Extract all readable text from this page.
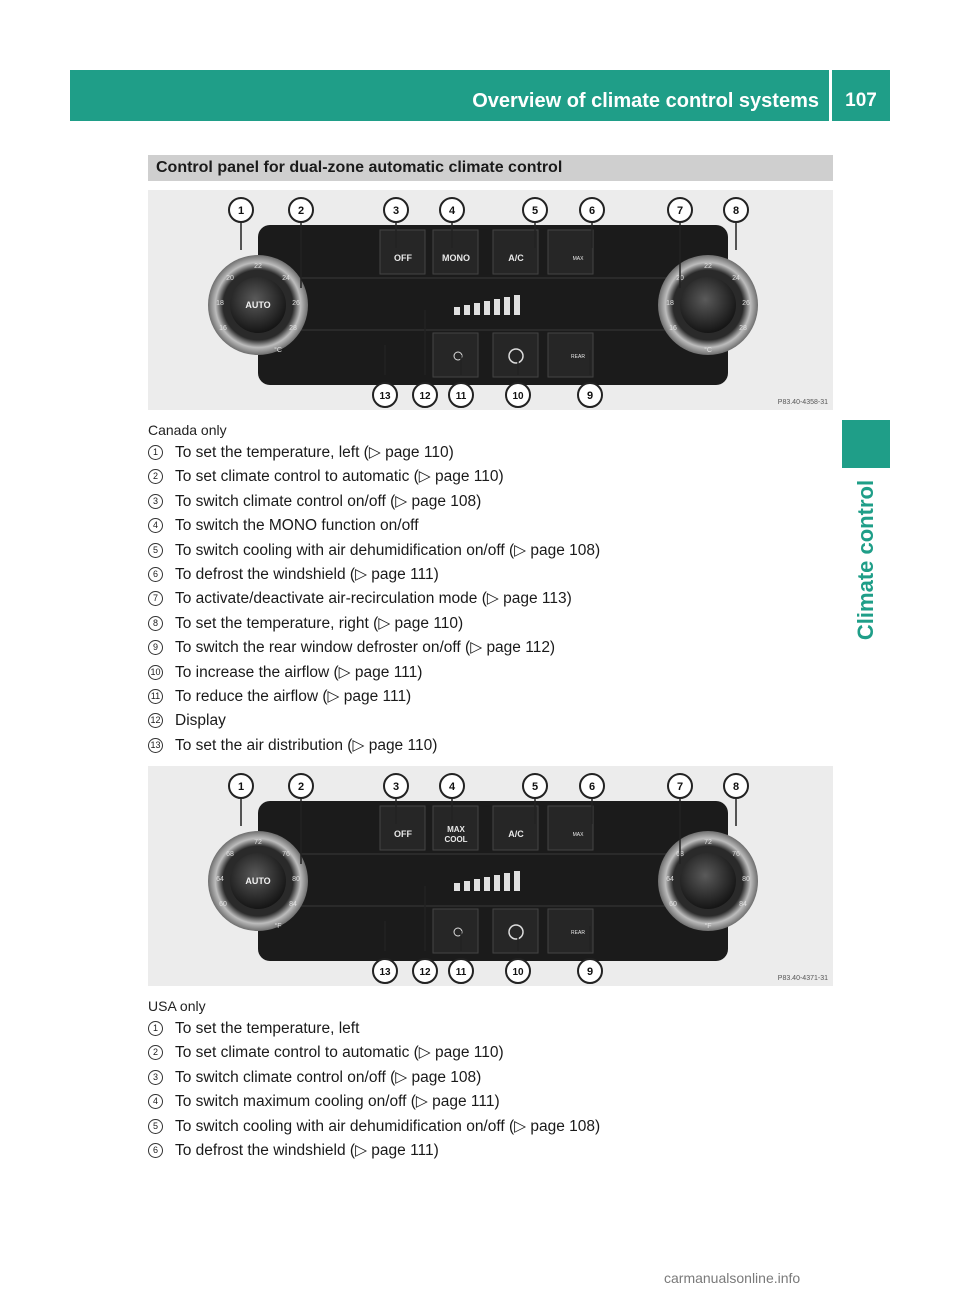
Overview of climate control systems	107
Climate control
Control panel for dual-zone automatic climate control
OFF	MONO	A/C	MAX
REAR
AUTO
°C
16
18
20
22
24
26
28
°C
16
18
20
22
24
26
28
1	2	3	4	5	6	7	8
13	12	11	10	9
P83.40-4358-31
Canada only
1	To set the temperature, left (▷ page 110)
2	To set climate control to automatic (▷ page 110)
3	To switch climate control on/off (▷ page 108)
4	To switch the MONO function on/off
5	To switch cooling with air dehumidification on/off (▷ page 108)
6	To defrost the windshield (▷ page 111)
7	To activate/deactivate air-recirculation mode (▷ page 113)
8	To set the temperature, right (▷ page 110)
9	To switch the rear window defroster on/off (▷ page 112)
10 To increase the airflow (▷ page 111)
11 To reduce the airflow (▷ page 111)
12 Display
13 To set the air distribution (▷ page 110)
OFF	MAX
COOL
A/C	MAX
REAR
AUTO
°F
60
64
68
72
76
80
84
°F
60
64
68
72
76
80
84
1	2	3	4	5	6	7	8
13	12	11	10	9
P83.40-4371-31
USA only
1	To set the temperature, left
2	To set climate control to automatic (▷ page 110)
3	To switch climate control on/off (▷ page 108)
4	To switch maximum cooling on/off (▷ page 111)
5	To switch cooling with air dehumidification on/off (▷ page 108)
6	To defrost the windshield (▷ page 111)
carmanualsonline.info
